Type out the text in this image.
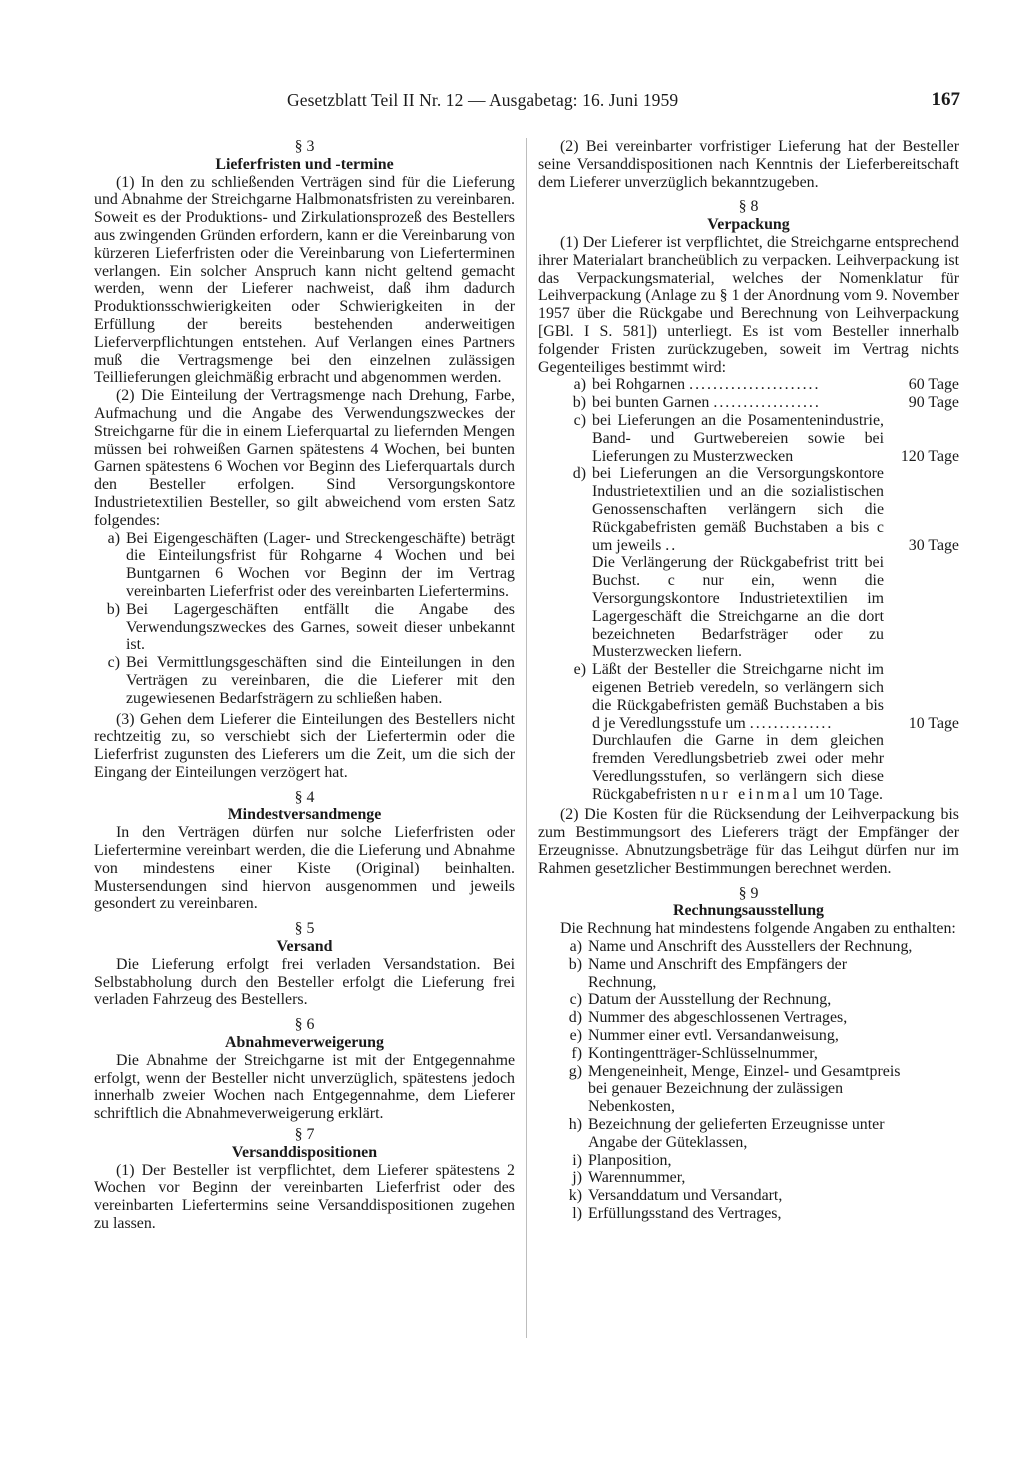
Gesetzblatt Teil II Nr. 12 — Ausgabetag: 16. Juni 1959	167

§ 3

Lieferfristen und -termine

(1) In den zu schließenden Verträgen sind für die Lieferung und Abnahme der Streichgarne Halbmonatsfristen zu vereinbaren. Soweit es der Produktions- und Zirkulationsprozeß des Bestellers aus zwingenden Gründen erfordern, kann er die Vereinbarung von kürzeren Lieferfristen oder die Vereinbarung von Lieferterminen verlangen. Ein solcher Anspruch kann nicht geltend gemacht werden, wenn der Lieferer nachweist, daß ihm dadurch Produktionsschwierigkeiten oder Schwierigkeiten in der Erfüllung der bereits bestehenden anderweitigen Lieferverpflichtungen entstehen. Auf Verlangen eines Partners muß die Vertragsmenge bei den einzelnen zulässigen Teillieferungen gleichmäßig erbracht und abgenommen werden.

(2) Die Einteilung der Vertragsmenge nach Drehung, Farbe, Aufmachung und die Angabe des Verwendungszweckes der Streichgarne für die in einem Lieferquartal zu liefernden Mengen müssen bei rohweißen Garnen spätestens 4 Wochen, bei bunten Garnen spätestens 6 Wochen vor Beginn des Lieferquartals durch den Besteller erfolgen. Sind Versorgungskontore Industrietextilien Besteller, so gilt abweichend vom ersten Satz folgendes:

a) Bei Eigengeschäften (Lager- und Streckengeschäfte) beträgt die Einteilungsfrist für Rohgarne 4 Wochen und bei Buntgarnen 6 Wochen vor Beginn der im Vertrag vereinbarten Lieferfrist oder des vereinbarten Liefertermins.
b) Bei Lagergeschäften entfällt die Angabe des Verwendungszweckes des Garnes, soweit dieser unbekannt ist.
c) Bei Vermittlungsgeschäften sind die Einteilungen in den Verträgen zu vereinbaren, die die Lieferer mit den zugewiesenen Bedarfsträgern zu schließen haben.

(3) Gehen dem Lieferer die Einteilungen des Bestellers nicht rechtzeitig zu, so verschiebt sich der Liefertermin oder die Lieferfrist zugunsten des Lieferers um die Zeit, um die sich der Eingang der Einteilungen verzögert hat.

§ 4

Mindestversandmenge

In den Verträgen dürfen nur solche Lieferfristen oder Liefertermine vereinbart werden, die die Lieferung und Abnahme von mindestens einer Kiste (Original) beinhalten. Mustersendungen sind hiervon ausgenommen und jeweils gesondert zu vereinbaren.

§ 5

Versand

Die Lieferung erfolgt frei verladen Versandstation. Bei Selbstabholung durch den Besteller erfolgt die Lieferung frei verladen Fahrzeug des Bestellers.

§ 6

Abnahmeverweigerung

Die Abnahme der Streichgarne ist mit der Entgegennahme erfolgt, wenn der Besteller nicht unverzüglich, spätestens jedoch innerhalb zweier Wochen nach Entgegennahme, dem Lieferer schriftlich die Abnahmeverweigerung erklärt.

§ 7

Versanddispositionen

(1) Der Besteller ist verpflichtet, dem Lieferer spätestens 2 Wochen vor Beginn der vereinbarten Lieferfrist oder des vereinbarten Liefertermins seine Versanddispositionen zugehen zu lassen.

(2) Bei vereinbarter vorfristiger Lieferung hat der Besteller seine Versanddispositionen nach Kenntnis der Lieferbereitschaft dem Lieferer unverzüglich bekanntzugeben.

§ 8

Verpackung

(1) Der Lieferer ist verpflichtet, die Streichgarne entsprechend ihrer Materialart brancheüblich zu verpacken. Leihverpackung ist das Verpackungsmaterial, welches der Nomenklatur für Leihverpackung (Anlage zu § 1 der Anordnung vom 9. November 1957 über die Rückgabe und Berechnung von Leihverpackung [GBl. I S. 581]) unterliegt. Es ist vom Besteller innerhalb folgender Fristen zurückzugeben, soweit im Vertrag nichts Gegenteiliges bestimmt wird:

a) bei Rohgarnen ......................	60 Tage
b) bei bunten Garnen ..................	90 Tage
c) bei Lieferungen an die Posamentenindustrie, Band- und Gurtwebereien sowie bei Lieferungen zu Musterzwecken	120 Tage
d) bei Lieferungen an die Versorgungskontore Industrietextilien und an die sozialistischen Genossenschaften verlängern sich die Rückgabefristen gemäß Buchstaben a bis c um jeweils ..	30 Tage
Die Verlängerung der Rückgabefrist tritt bei Buchst. c nur ein, wenn die Versorgungskontore Industrietextilien im Lagergeschäft die Streichgarne an die dort bezeichneten Bedarfsträger oder zu Musterzwecken liefern.
e) Läßt der Besteller die Streichgarne nicht im eigenen Betrieb veredeln, so verlängern sich die Rückgabefristen gemäß Buchstaben a bis d je Veredlungsstufe um ..............	10 Tage
Durchlaufen die Garne in dem gleichen fremden Veredlungsbetrieb zwei oder mehr Veredlungsstufen, so verlängern sich diese Rückgabefristen nur einmal um 10 Tage.

(2) Die Kosten für die Rücksendung der Leihverpackung bis zum Bestimmungsort des Lieferers trägt der Empfänger der Erzeugnisse. Abnutzungsbeträge für das Leihgut dürfen nur im Rahmen gesetzlicher Bestimmungen berechnet werden.

§ 9

Rechnungsausstellung

Die Rechnung hat mindestens folgende Angaben zu enthalten:

a) Name und Anschrift des Ausstellers der Rechnung,
b) Name und Anschrift des Empfängers der Rechnung,
c) Datum der Ausstellung der Rechnung,
d) Nummer des abgeschlossenen Vertrages,
e) Nummer einer evtl. Versandanweisung,
f) Kontingentträger-Schlüsselnummer,
g) Mengeneinheit, Menge, Einzel- und Gesamtpreis bei genauer Bezeichnung der zulässigen Nebenkosten,
h) Bezeichnung der gelieferten Erzeugnisse unter Angabe der Güteklassen,
i) Planposition,
j) Warennummer,
k) Versanddatum und Versandart,
l) Erfüllungsstand des Vertrages,
